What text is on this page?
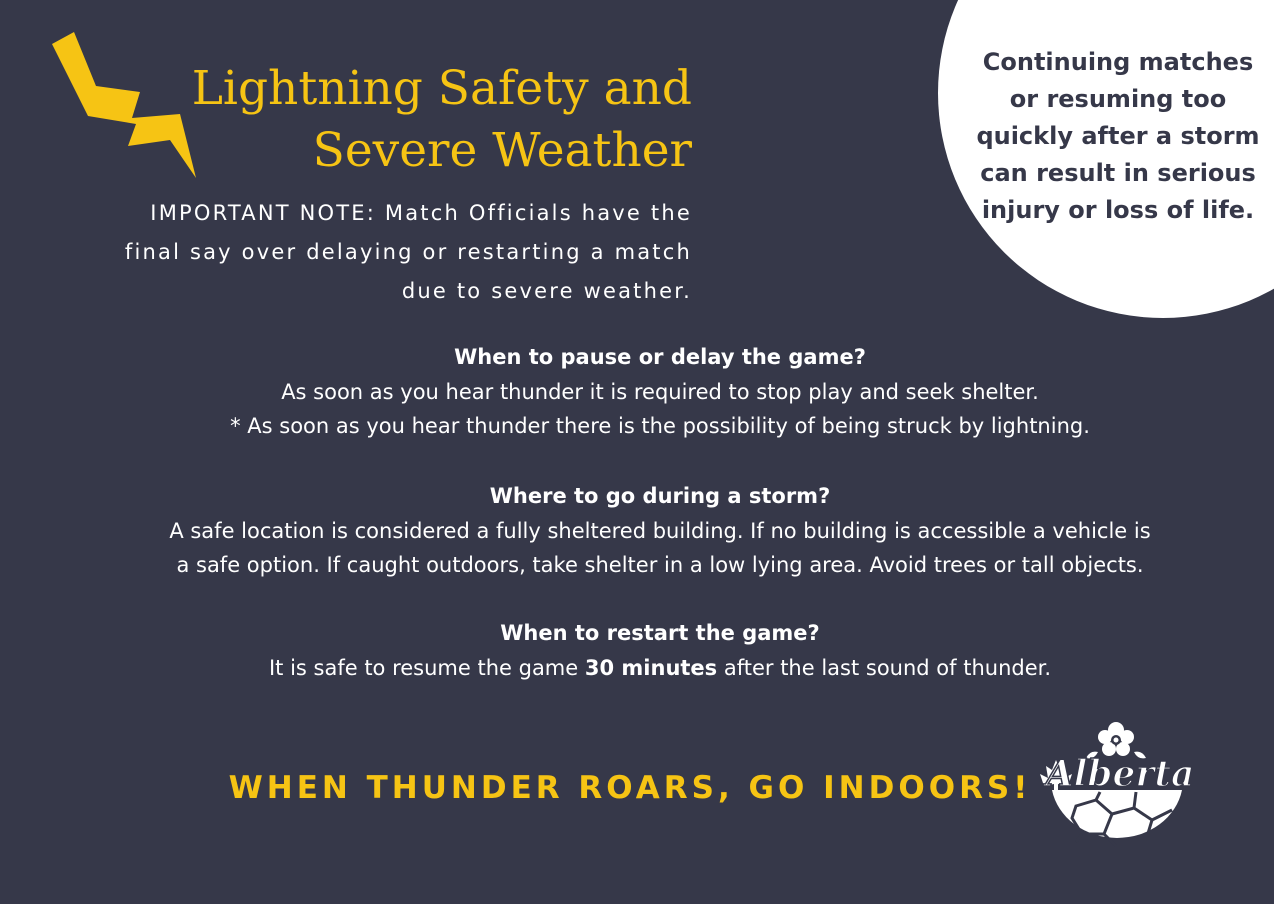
Lightning Safety and
Severe Weather
IMPORTANT NOTE: Match Officials have the
final say over delaying or restarting a match
due to severe weather.
Continuing matches
or resuming too
quickly after a storm
can result in serious
injury or loss of life.
When to pause or delay the game?
As soon as you hear thunder it is required to stop play and seek shelter.
* As soon as you hear thunder there is the possibility of being struck by lightning.
Where to go during a storm?
A safe location is considered a fully sheltered building. If no building is accessible a vehicle is
a safe option. If caught outdoors, take shelter in a low lying area. Avoid trees or tall objects.
When to restart the game?
It is safe to resume the game 30 minutes after the last sound of thunder.
WHEN THUNDER ROARS, GO INDOORS! Alberta
